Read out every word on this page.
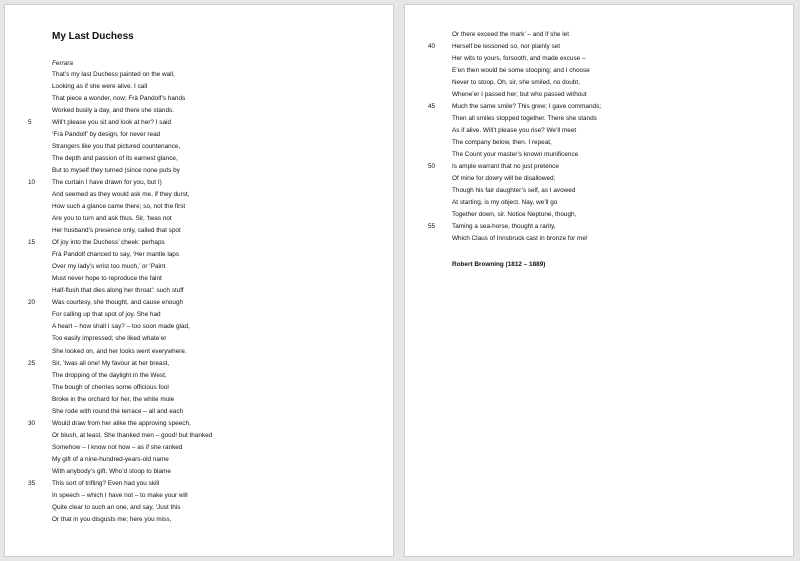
My Last Duchess
Ferrara
That’s my last Duchess painted on the wall,
Looking as if she were alive. I call
That piece a wonder, now; Frà Pandolf’s hands
Worked busily a day, and there she stands.
Will’t please you sit and look at her? I said
5
‘Frà Pandolf’ by design, for never read
Strangers like you that pictured countenance,
The depth and passion of its earnest glance,
But to myself they turned (since none puts by
The curtain I have drawn for you, but I)
10
And seemed as they would ask me, if they durst,
How such a glance came there; so, not the first
Are you to turn and ask thus. Sir, ’twas not
Her husband’s presence only, called that spot
Of joy into the Duchess’ cheek: perhaps
15
Frà Pandolf chanced to say, ‘Her mantle laps
Over my lady’s wrist too much,’ or ‘Paint
Must never hope to reproduce the faint
Half-flush that dies along her throat’: such stuff
Was courtesy, she thought, and cause enough
20
For calling up that spot of joy. She had
A heart – how shall I say? – too soon made glad,
Too easily impressed; she liked whate’er
She looked on, and her looks went everywhere.
Sir, ’twas all one! My favour at her breast,
25
The dropping of the daylight in the West,
The bough of cherries some officious fool
Broke in the orchard for her, the white mule
She rode with round the terrace – all and each
Would draw from her alike the approving speech,
30
Or blush, at least. She thanked men – good! but thanked
Somehow – I know not how – as if she ranked
My gift of a nine-hundred-years-old name
With anybody’s gift. Who’d stoop to blame
This sort of trifling? Even had you skill
35
In speech – which I have not – to make your will
Quite clear to such an one, and say, ‘Just this
Or that in you disgusts me; here you miss,
Or there exceed the mark’ – and if she let
Herself be lessoned so, nor plainly set
40
Her wits to yours, forsooth, and made excuse –
E’en then would be some stooping; and I choose
Never to stoop. Oh, sir, she smiled, no doubt,
Whene’er I passed her; but who passed without
Much the same smile? This grew; I gave commands;
45
Then all smiles stopped together. There she stands
As if alive. Will’t please you rise? We’ll meet
The company below, then. I repeat,
The Count your master’s known munificence
Is ample warrant that no just pretence
50
Of mine for dowry will be disallowed;
Though his fair daughter’s self, as I avowed
At starting, is my object. Nay, we’ll go
Together down, sir. Notice Neptune, though,
Taming a sea-horse, thought a rarity,
55
Which Claus of Innsbruck cast in bronze for me!
Robert Browning (1812 – 1889)
